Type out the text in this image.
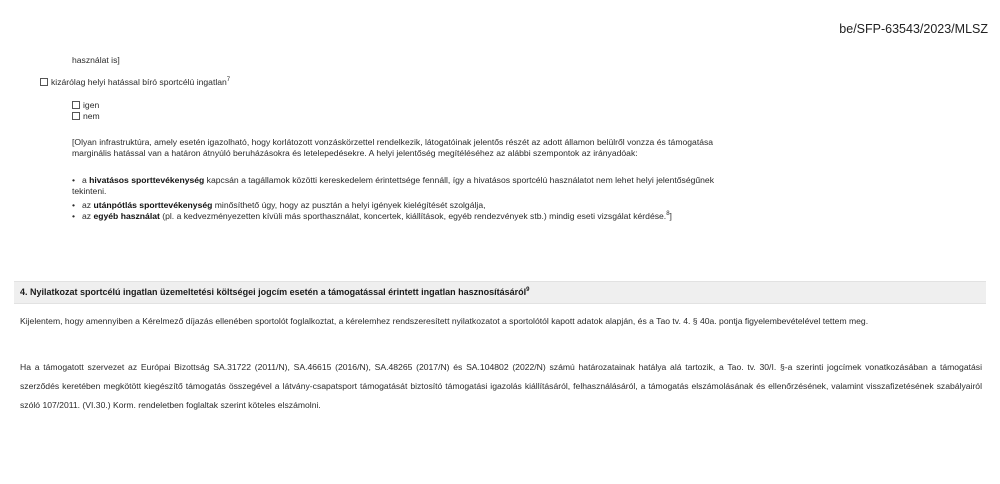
be/SFP-63543/2023/MLSZ
használat is]
kizárólag helyi hatással bíró sportcélú ingatlan$^7$
igen
nem
[Olyan infrastruktúra, amely esetén igazolható, hogy korlátozott vonzáskörzettel rendelkezik, látogatóinak jelentős részét az adott államon belülről vonzza és támogatása
marginális hatással van a határon átnyúló beruházásokra és letelepedésekre. A helyi jelentőség megítéléséhez az alábbi szempontok az irányadóak:
• a hivatásos sporttevékenység kapcsán a tagállamok közötti kereskedelem érintettsége fennáll, így a hivatásos sportcélú használatot nem lehet helyi jelentőségűnek
tekinteni.
• az utánpótlás sporttevékenység minősíthető úgy, hogy az pusztán a helyi igények kielégítését szolgálja,
• az egyéb használat (pl. a kedvezményezetten kívüli más sporthasználat, koncertek, kiállítások, egyéb rendezvények stb.) mindig eseti vizsgálat kérdése.$^8$]
4. Nyilatkozat sportcélú ingatlan üzemeltetési költségei jogcím esetén a támogatással érintett ingatlan hasznosításáról$^9$
Kijelentem, hogy amennyiben a Kérelmező díjazás ellenében sportolót foglalkoztat, a kérelemhez rendszeresített nyilatkozatot a sportolótól kapott adatok alapján, és a Tao tv. 4. § 40a. pontja figyelembevételével tettem meg.
Ha a támogatott szervezet az Európai Bizottság SA.31722 (2011/N), SA.46615 (2016/N), SA.48265 (2017/N) és SA.104802 (2022/N) számú határozatainak hatálya alá tartozik, a Tao. tv. 30/I. §-a szerinti jogcímek vonatkozásában a támogatási szerződés keretében megkötött kiegészítő támogatás összegével a látvány-csapatsport támogatását biztosító támogatási igazolás kiállításáról, felhasználásáról, a támogatás elszámolásának és ellenőrzésének, valamint visszafizetésének szabályairól szóló 107/2011. (VI.30.) Korm. rendeletben foglaltak szerint köteles elszámolni.
